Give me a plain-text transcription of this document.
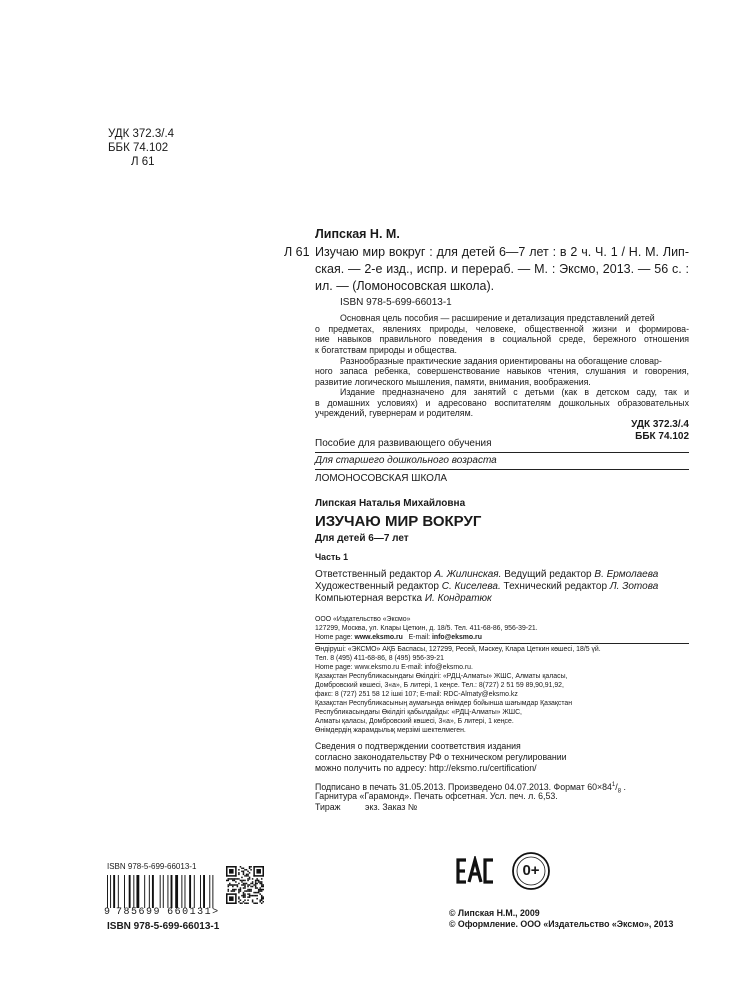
УДК 372.3/.4
ББК 74.102
Л 61
Липская Н. М.
Л 61 Изучаю мир вокруг : для детей 6—7 лет : в 2 ч. Ч. 1 / Н. М. Лип-
ская. — 2-е изд., испр. и перераб. — М. : Эксмо, 2013. — 56 с. :
ил. — (Ломоносовская школа).
ISBN 978-5-699-66013-1
Основная цель пособия — расширение и детализация представлений детей
о предметах, явлениях природы, человеке, общественной жизни и формирова-
ние навыков правильного поведения в социальной среде, бережного отношения
к богатствам природы и общества.
Разнообразные практические задания ориентированы на обогащение словар-
ного запаса ребенка, совершенствование навыков чтения, слушания и говорения,
развитие логического мышления, памяти, внимания, воображения.
Издание предназначено для занятий с детьми (как в детском саду, так и
в домашних условиях) и адресовано воспитателям дошкольных образовательных
учреждений, гувернерам и родителям.
УДК 372.3/.4
ББК 74.102
Пособие для развивающего обучения
Для старшего дошкольного возраста
ЛОМОНОСОВСКАЯ ШКОЛА
Липская Наталья Михайловна
ИЗУЧАЮ МИР ВОКРУГ
Для детей 6—7 лет
Часть 1
Ответственный редактор А. Жилинская. Ведущий редактор В. Ермолаева
Художественный редактор С. Киселева. Технический редактор Л. Зотова
Компьютерная верстка И. Кондратюк
ООО «Издательство «Эксмо»
127299, Москва, ул. Клары Цеткин, д. 18/5. Тел. 411-68-86, 956-39-21.
Home page: www.eksmo.ru   E-mail: info@eksmo.ru
Өндіруші: «ЭКСМО» АҚБ Баспасы, 127299, Ресей, Мәскеу, Клара Цеткин көшесі, 18/5 үй.
Тел. 8 (495) 411-68-86, 8 (495) 956-39-21
Home page: www.eksmo.ru E-mail: info@eksmo.ru.
Қазақстан Республикасындағы Өкілдігі: «РДЦ-Алматы» ЖШС, Алматы қаласы,
Домбровский көшесі, 3«а», Б литері, 1 кеңсе. Тел.: 8(727) 2 51 59 89,90,91,92,
факс: 8 (727) 251 58 12 ішкі 107; E-mail: RDC-Almaty@eksmo.kz
Қазақстан Республикасының аумағында өнімдер бойынша шағымдар Қазақстан
Республикасындағы Өкілдігі қабылдайды: «РДЦ-Алматы» ЖШС,
Алматы қаласы, Домбровский көшесі, 3«а», Б литері, 1 кеңсе.
Өнімдердің жарамдылық мерзімі шектелмеген.
Сведения о подтверждении соответствия издания
согласно законодательству РФ о техническом регулировании
можно получить по адресу: http://eksmo.ru/certification/
Подписано в печать 31.05.2013. Произведено 04.07.2013. Формат $60\times 84^1/_8$ .
Гарнитура «Гарамонд». Печать офсетная. Усл. печ. л. 6,53.
Тираж          экз. Заказ №
ISBN 978-5-699-66013-1
9 785699 660131>
ISBN 978-5-699-66013-1
0+
© Липская Н.М., 2009
© Оформление. ООО «Издательство «Эксмо», 2013
